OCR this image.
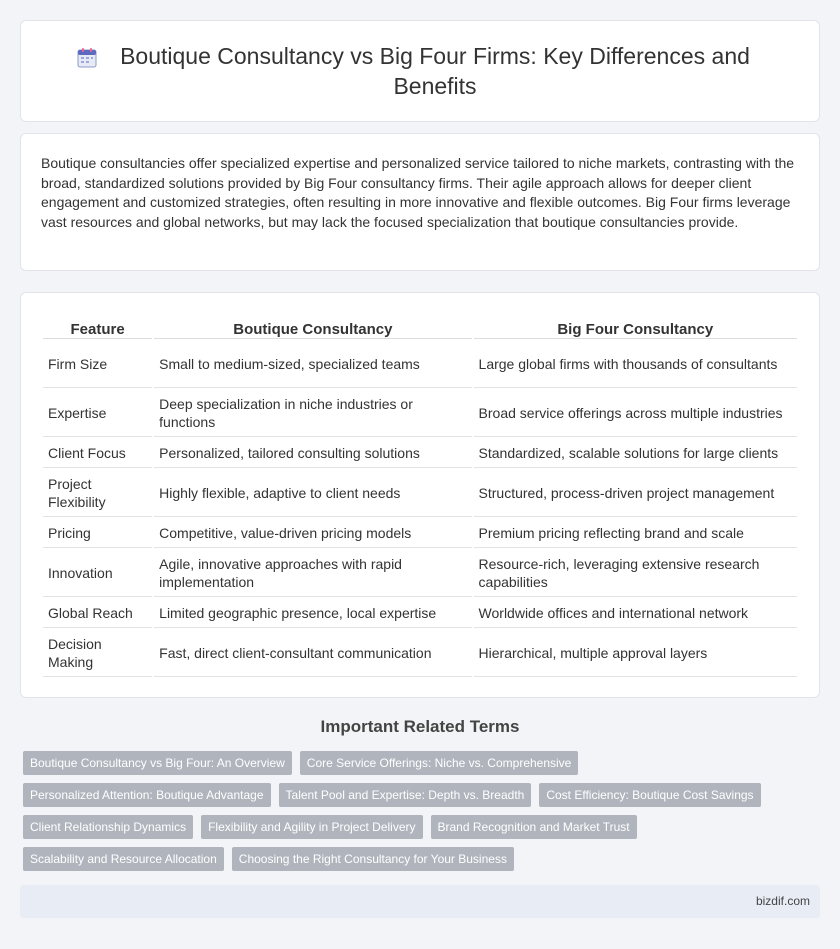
Boutique Consultancy vs Big Four Firms: Key Differences and Benefits

Boutique consultancies offer specialized expertise and personalized service tailored to niche markets, contrasting with the broad, standardized solutions provided by Big Four consultancy firms. Their agile approach allows for deeper client engagement and customized strategies, often resulting in more innovative and flexible outcomes. Big Four firms leverage vast resources and global networks, but may lack the focused specialization that boutique consultancies provide.

Feature	Boutique Consultancy	Big Four Consultancy
Firm Size	Small to medium-sized, specialized teams	Large global firms with thousands of consultants
Expertise	Deep specialization in niche industries or functions	Broad service offerings across multiple industries
Client Focus	Personalized, tailored consulting solutions	Standardized, scalable solutions for large clients
Project Flexibility	Highly flexible, adaptive to client needs	Structured, process-driven project management
Pricing	Competitive, value-driven pricing models	Premium pricing reflecting brand and scale
Innovation	Agile, innovative approaches with rapid implementation	Resource-rich, leveraging extensive research capabilities
Global Reach	Limited geographic presence, local expertise	Worldwide offices and international network
Decision Making	Fast, direct client-consultant communication	Hierarchical, multiple approval layers
Important Related Terms
Boutique Consultancy vs Big Four: An Overview	Core Service Offerings: Niche vs. Comprehensive
Personalized Attention: Boutique Advantage	Talent Pool and Expertise: Depth vs. Breadth	Cost Efficiency: Boutique Cost Savings
Client Relationship Dynamics	Flexibility and Agility in Project Delivery	Brand Recognition and Market Trust
Scalability and Resource Allocation	Choosing the Right Consultancy for Your Business
bizdif.com
